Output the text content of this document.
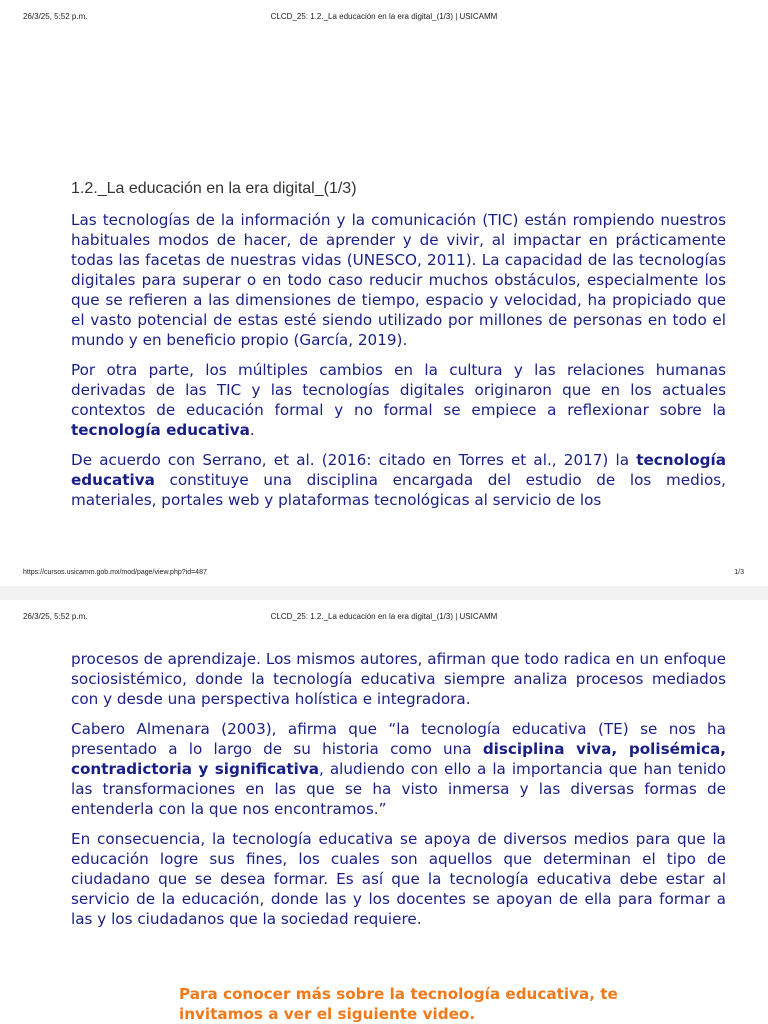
26/3/25, 5:52 p.m.	CLCD_25: 1.2._La educación en la era digital_(1/3) | USICAMM
1.2._La educación en la era digital_(1/3)

Las tecnologías de la información y la comunicación (TIC) están rompiendo nuestros habituales modos de hacer, de aprender y de vivir, al impactar en prácticamente todas las facetas de nuestras vidas (UNESCO, 2011). La capacidad de las tecnologías digitales para superar o en todo caso reducir muchos obstáculos, especialmente los que se refieren a las dimensiones de tiempo, espacio y velocidad, ha propiciado que el vasto potencial de estas esté siendo utilizado por millones de personas en todo el mundo y en beneficio propio (García, 2019).

Por otra parte, los múltiples cambios en la cultura y las relaciones humanas derivadas de las TIC y las tecnologías digitales originaron que en los actuales contextos de educación formal y no formal se empiece a reflexionar sobre la tecnología educativa.

De acuerdo con Serrano, et al. (2016: citado en Torres et al., 2017) la tecnología educativa constituye una disciplina encargada del estudio de los medios, materiales, portales web y plataformas tecnológicas al servicio de los

https://cursos.usicamm.gob.mx/mod/page/view.php?id=487	1/3
26/3/25, 5:52 p.m.	CLCD_25: 1.2._La educación en la era digital_(1/3) | USICAMM

procesos de aprendizaje. Los mismos autores, afirman que todo radica en un enfoque sociosistémico, donde la tecnología educativa siempre analiza procesos mediados con y desde una perspectiva holística e integradora.

Cabero Almenara (2003), afirma que “la tecnología educativa (TE) se nos ha presentado a lo largo de su historia como una disciplina viva, polisémica, contradictoria y significativa, aludiendo con ello a la importancia que han tenido las transformaciones en las que se ha visto inmersa y las diversas formas de entenderla con la que nos encontramos.”

En consecuencia, la tecnología educativa se apoya de diversos medios para que la educación logre sus fines, los cuales son aquellos que determinan el tipo de ciudadano que se desea formar. Es así que la tecnología educativa debe estar al servicio de la educación, donde las y los docentes se apoyan de ella para formar a las y los ciudadanos que la sociedad requiere.

Para conocer más sobre la tecnología educativa, te invitamos a ver el siguiente video.
